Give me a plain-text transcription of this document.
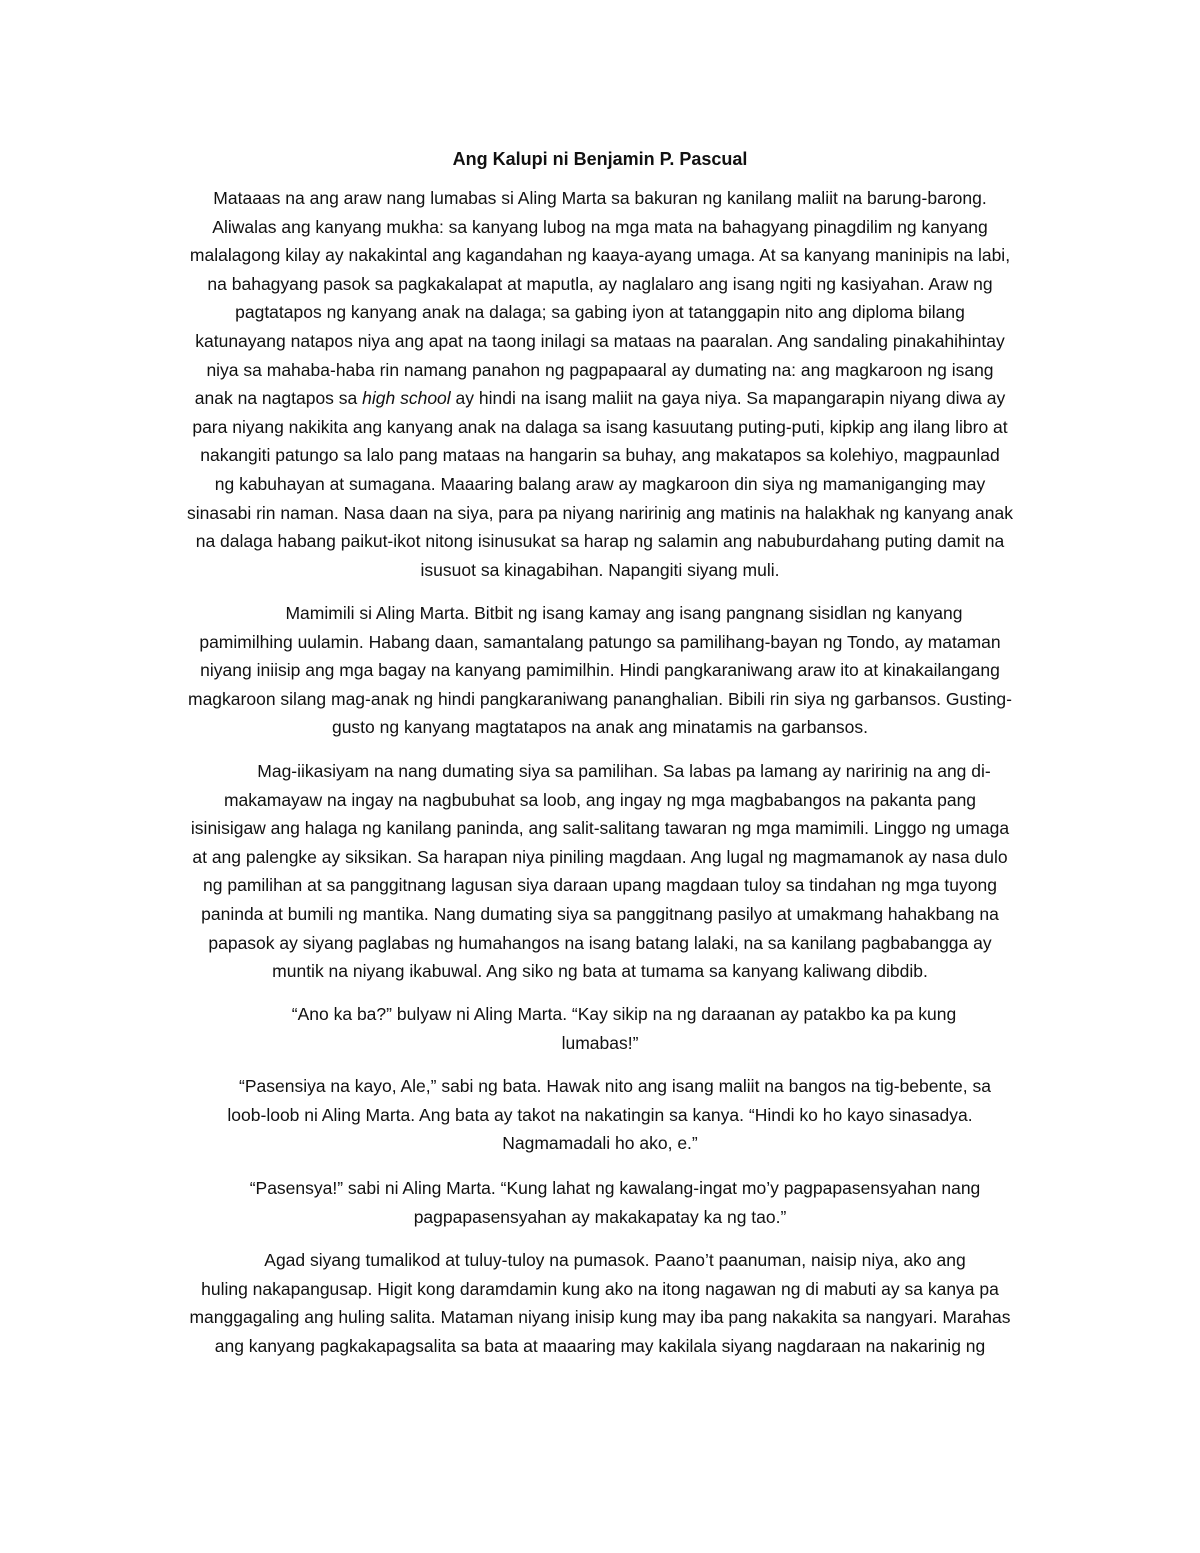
Ang Kalupi ni Benjamin P. Pascual
Mataaas na ang araw nang lumabas si Aling Marta sa bakuran ng kanilang maliit na barung-barong.
Aliwalas ang kanyang mukha: sa kanyang lubog na mga mata na bahagyang pinagdilim ng kanyang
malalagong kilay ay nakakintal ang kagandahan ng kaaya-ayang umaga. At sa kanyang maninipis na labi,
na bahagyang pasok sa pagkakalapat at maputla, ay naglalaro ang isang ngiti ng kasiyahan. Araw ng
pagtatapos ng kanyang anak na dalaga; sa gabing iyon at tatanggapin nito ang diploma bilang
katunayang natapos niya ang apat na taong inilagi sa mataas na paaralan. Ang sandaling pinakahihintay
niya sa mahaba-haba rin namang panahon ng pagpapaaral ay dumating na: ang magkaroon ng isang
anak na nagtapos sa high school ay hindi na isang maliit na gaya niya. Sa mapangarapin niyang diwa ay
para niyang nakikita ang kanyang anak na dalaga sa isang kasuutang puting-puti, kipkip ang ilang libro at
nakangiti patungo sa lalo pang mataas na hangarin sa buhay, ang makatapos sa kolehiyo, magpaunlad
ng kabuhayan at sumagana. Maaaring balang araw ay magkaroon din siya ng mamaniganging may
sinasabi rin naman. Nasa daan na siya, para pa niyang naririnig ang matinis na halakhak ng kanyang anak
na dalaga habang paikut-ikot nitong isinusukat sa harap ng salamin ang nabuburdahang puting damit na
isusuot sa kinagabihan. Napangiti siyang muli.
Mamimili si Aling Marta. Bitbit ng isang kamay ang isang pangnang sisidlan ng kanyang
pamimilhing uulamin. Habang daan, samantalang patungo sa pamilihang-bayan ng Tondo, ay mataman
niyang iniisip ang mga bagay na kanyang pamimilhin. Hindi pangkaraniwang araw ito at kinakailangang
magkaroon silang mag-anak ng hindi pangkaraniwang pananghalian. Bibili rin siya ng garbansos. Gusting-
gusto ng kanyang magtatapos na anak ang minatamis na garbansos.
Mag-iikasiyam na nang dumating siya sa pamilihan. Sa labas pa lamang ay naririnig na ang di-
makamayaw na ingay na nagbubuhat sa loob, ang ingay ng mga magbabangos na pakanta pang
isinisigaw ang halaga ng kanilang paninda, ang salit-salitang tawaran ng mga mamimili. Linggo ng umaga
at ang palengke ay siksikan. Sa harapan niya piniling magdaan. Ang lugal ng magmamanok ay nasa dulo
ng pamilihan at sa panggitnang lagusan siya daraan upang magdaan tuloy sa tindahan ng mga tuyong
paninda at bumili ng mantika. Nang dumating siya sa panggitnang pasilyo at umakmang hahakbang na
papasok ay siyang paglabas ng humahangos na isang batang lalaki, na sa kanilang pagbabangga ay
muntik na niyang ikabuwal. Ang siko ng bata at tumama sa kanyang kaliwang dibdib.
“Ano ka ba?” bulyaw ni Aling Marta. “Kay sikip na ng daraanan ay patakbo ka pa kung
lumabas!”
“Pasensiya na kayo, Ale,” sabi ng bata. Hawak nito ang isang maliit na bangos na tig-bebente, sa
loob-loob ni Aling Marta. Ang bata ay takot na nakatingin sa kanya. “Hindi ko ho kayo sinasadya.
Nagmamadali ho ako, e.”
“Pasensya!” sabi ni Aling Marta. “Kung lahat ng kawalang-ingat mo’y pagpapasensyahan nang
pagpapasensyahan ay makakapatay ka ng tao.”
Agad siyang tumalikod at tuluy-tuloy na pumasok. Paano’t paanuman, naisip niya, ako ang
huling nakapangusap. Higit kong daramdamin kung ako na itong nagawan ng di mabuti ay sa kanya pa
manggagaling ang huling salita. Mataman niyang inisip kung may iba pang nakakita sa nangyari. Marahas
ang kanyang pagkakapagsalita sa bata at maaaring may kakilala siyang nagdaraan na nakarinig ng
